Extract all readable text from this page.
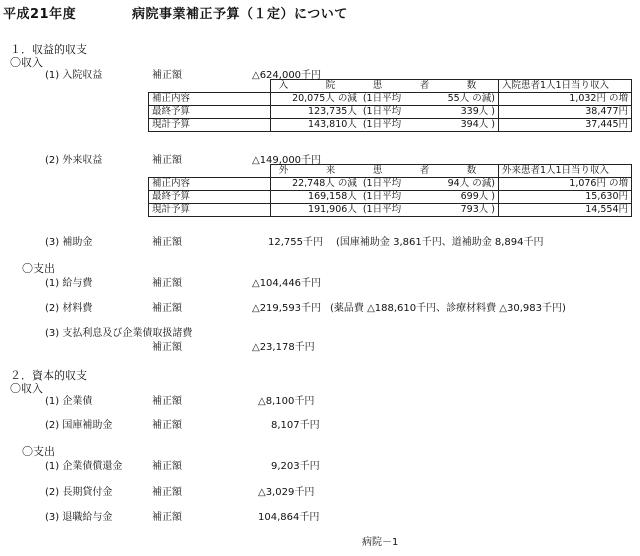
平成21年度	病院事業補正予算（１定）について
１．収益的収支
〇収入
(1) 入院収益	補正額	△624,000千円
	入　院　患　者　数			入院患者1人1日当り収入
補正内容	20,075人 の減	(1日平均	55人 の減)	1,032円 の増
最終予算	123,735人	(1日平均	339人 )	38,477円
現計予算	143,810人	(1日平均	394人 )	37,445円
(2) 外来収益	補正額	△149,000千円
	外　来　患　者　数			外来患者1人1日当り収入
補正内容	22,748人 の減	(1日平均	94人 の減)	1,076円 の増
最終予算	169,158人	(1日平均	699人 )	15,630円
現計予算	191,906人	(1日平均	793人 )	14,554円
(3) 補助金	補正額	12,755千円 (国庫補助金 3,861千円、道補助金 8,894千円
〇支出
(1) 給与費	補正額	△104,446千円
(2) 材料費	補正額	△219,593千円 (薬品費 △188,610千円、診療材料費 △30,983千円)
(3) 支払利息及び企業債取扱諸費
補正額	△23,178千円
２．資本的収支
〇収入
(1) 企業債	補正額	△8,100千円
(2) 国庫補助金	補正額	8,107千円
〇支出
(1) 企業債償還金	補正額	9,203千円
(2) 長期貸付金	補正額	△3,029千円
(3) 退職給与金	補正額	104,864千円
病院－1
